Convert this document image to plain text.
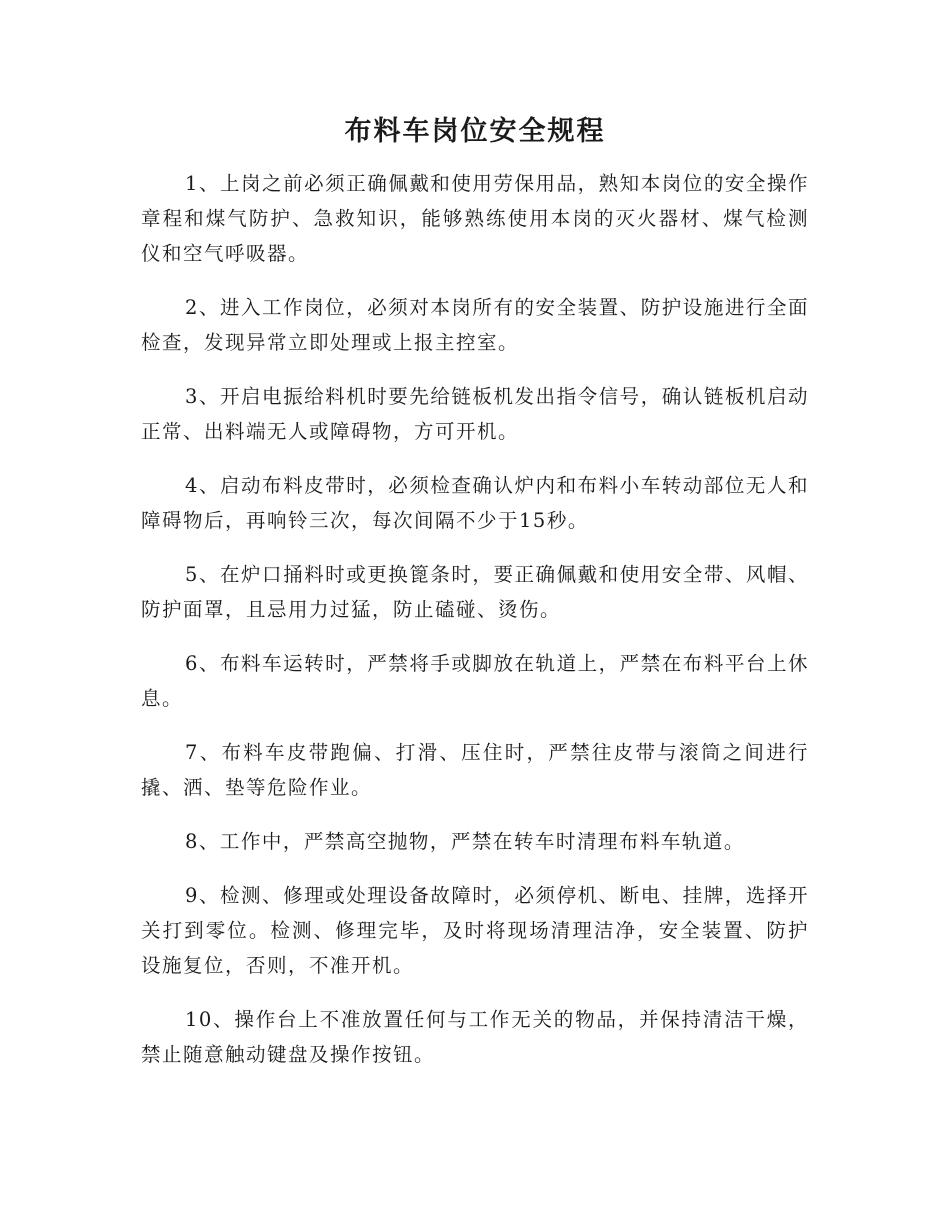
布料车岗位安全规程

1、上岗之前必须正确佩戴和使用劳保用品，熟知本岗位的安全操作章程和煤气防护、急救知识，能够熟练使用本岗的灭火器材、煤气检测仪和空气呼吸器。

2、进入工作岗位，必须对本岗所有的安全装置、防护设施进行全面检查，发现异常立即处理或上报主控室。

3、开启电振给料机时要先给链板机发出指令信号，确认链板机启动正常、出料端无人或障碍物，方可开机。

4、启动布料皮带时，必须检查确认炉内和布料小车转动部位无人和障碍物后，再响铃三次，每次间隔不少于15秒。

5、在炉口捅料时或更换篦条时，要正确佩戴和使用安全带、风帽、防护面罩，且忌用力过猛，防止磕碰、烫伤。

6、布料车运转时，严禁将手或脚放在轨道上，严禁在布料平台上休息。

7、布料车皮带跑偏、打滑、压住时，严禁往皮带与滚筒之间进行撬、洒、垫等危险作业。

8、工作中，严禁高空抛物，严禁在转车时清理布料车轨道。

9、检测、修理或处理设备故障时，必须停机、断电、挂牌，选择开关打到零位。检测、修理完毕，及时将现场清理洁净，安全装置、防护设施复位，否则，不准开机。

10、操作台上不准放置任何与工作无关的物品，并保持清洁干燥，禁止随意触动键盘及操作按钮。
